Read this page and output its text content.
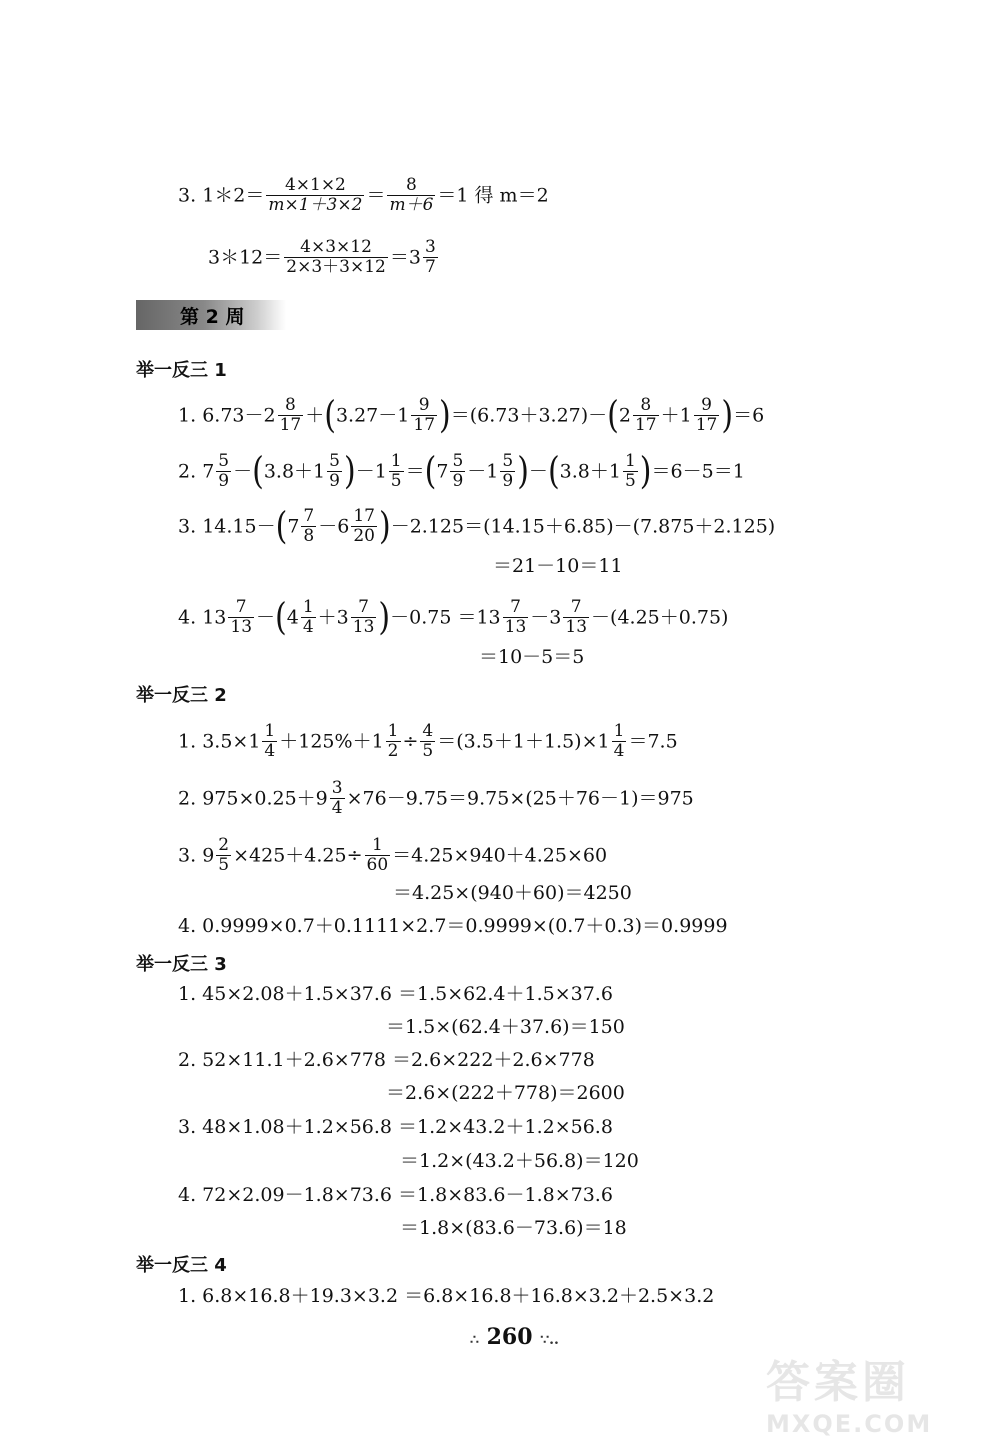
3. 1＊2＝ $\frac{4\times 1\times 2}{m\times 1+3\times 2} = \frac{8}{m+6} =1$ 得 m＝2
3＊12＝ $\frac{4\times 3\times 12}{2\times 3+3\times 12} =3 \frac{3}{7}$
第 2 周
举一反三 1
1. $6.73-2 \frac{8}{17} +(3.27-1 \frac{9}{17} )=(6.73+3.27)-(2 \frac{8}{17} +1 \frac{9}{17} )=6$
2. $7 \frac{5}{9} -(3.8+1 \frac{5}{9} )-1 \frac{1}{5} =(7 \frac{5}{9} -1 \frac{5}{9} )-(3.8+1 \frac{1}{5} )=6-5=1$
3. $14.15-(7 \frac{7}{8} -6 \frac{17}{20} )-2.125=(14.15+6.85)-(7.875+2.125)$
＝21－10＝11
4. $13 \frac{7}{13} -(4 \frac{1}{4} +3 \frac{7}{13} )-0.75 =13 \frac{7}{13} -3 \frac{7}{13} -(4.25+0.75)$
＝10－5＝5
举一反三 2
1. $3.5\times 1 \frac{1}{4} +125\%+1 \frac{1}{2} \div \frac{4}{5} =(3.5+1+1.5)\times 1 \frac{1}{4} =7.5$
2. $975\times 0.25+9 \frac{3}{4} \times 76-9.75=9.75\times(25+76-1)=975$
3. $9 \frac{2}{5} \times 425+4.25\div \frac{1}{60} =4.25\times 940+4.25\times 60$
＝4.25×(940＋60)＝4250
4. 0.9999×0.7＋0.1111×2.7＝0.9999×(0.7＋0.3)＝0.9999
举一反三 3
1. 45×2.08＋1.5×37.6 ＝1.5×62.4＋1.5×37.6
＝1.5×(62.4＋37.6)＝150
2. 52×11.1＋2.6×778 ＝2.6×222＋2.6×778
＝2.6×(222＋778)＝2600
3. 48×1.08＋1.2×56.8 ＝1.2×43.2＋1.2×56.8
＝1.2×(43.2＋56.8)＝120
4. 72×2.09－1.8×73.6 ＝1.8×83.6－1.8×73.6
＝1.8×(83.6－73.6)＝18
举一反三 4
1. 6.8×16.8＋19.3×3.2 ＝6.8×16.8＋16.8×3.2＋2.5×3.2
∴ 260 ∵..
答案圈
MXQE.COM
